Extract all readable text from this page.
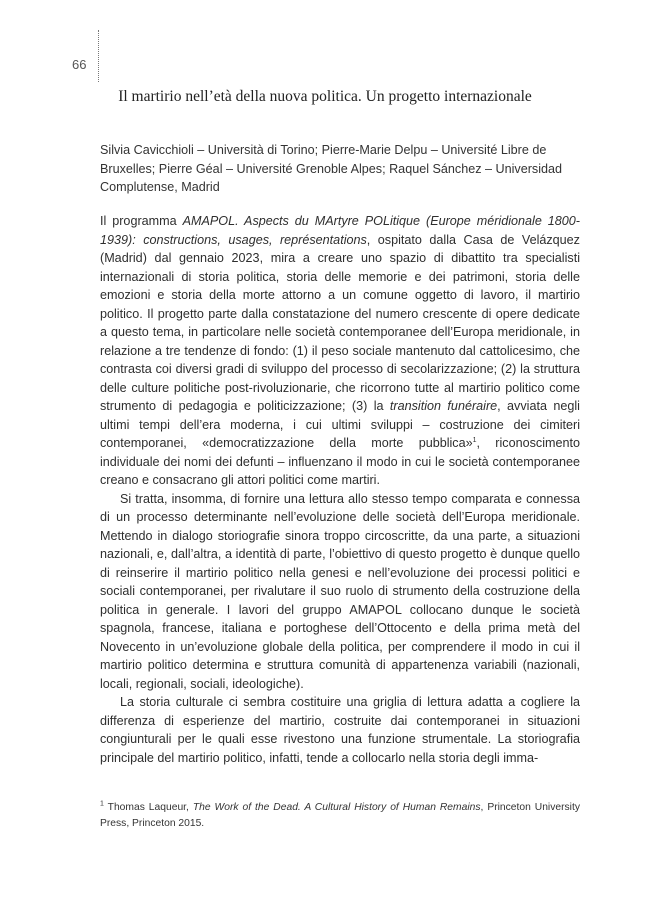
66
Il martirio nell’età della nuova politica. Un progetto internazionale
Silvia Cavicchioli – Università di Torino; Pierre-Marie Delpu – Université Libre de Bruxelles; Pierre Géal – Université Grenoble Alpes; Raquel Sánchez – Universidad Complutense, Madrid

Il programma AMAPOL. Aspects du MArtyre POLitique (Europe méridionale 1800-1939): constructions, usages, représentations, ospitato dalla Casa de Velázquez (Madrid) dal gennaio 2023, mira a creare uno spazio di dibattito tra specialisti internazionali di storia politica, storia delle memorie e dei patrimoni, storia delle emozioni e storia della morte attorno a un comune oggetto di lavoro, il martirio politico. Il progetto parte dalla constatazione del numero crescente di opere dedicate a questo tema, in particolare nelle società contemporanee dell’Europa meridionale, in relazione a tre tendenze di fondo: (1) il peso sociale mantenuto dal cattolicesimo, che contrasta coi diversi gradi di sviluppo del processo di secolarizzazione; (2) la struttura delle culture politiche post-rivoluzionarie, che ricorrono tutte al martirio politico come strumento di pedagogia e politicizzazione; (3) la transition funéraire, avviata negli ultimi tempi dell’era moderna, i cui ultimi sviluppi – costruzione dei cimiteri contemporanei, «democratizzazione della morte pubblica»$^1$, riconoscimento individuale dei nomi dei defunti – influenzano il modo in cui le società contemporanee creano e consacrano gli attori politici come martiri.

Si tratta, insomma, di fornire una lettura allo stesso tempo comparata e connessa di un processo determinante nell’evoluzione delle società dell’Europa meridionale. Mettendo in dialogo storiografie sinora troppo circoscritte, da una parte, a situazioni nazionali, e, dall’altra, a identità di parte, l’obiettivo di questo progetto è dunque quello di reinserire il martirio politico nella genesi e nell’evoluzione dei processi politici e sociali contemporanei, per rivalutare il suo ruolo di strumento della costruzione della politica in generale. I lavori del gruppo AMAPOL collocano dunque le società spagnola, francese, italiana e portoghese dell’Ottocento e della prima metà del Novecento in un’evoluzione globale della politica, per comprendere il modo in cui il martirio politico determina e struttura comunità di appartenenza variabili (nazionali, locali, regionali, sociali, ideologiche).

La storia culturale ci sembra costituire una griglia di lettura adatta a cogliere la differenza di esperienze del martirio, costruite dai contemporanei in situazioni congiunturali per le quali esse rivestono una funzione strumentale. La storiografia principale del martirio politico, infatti, tende a collocarlo nella storia degli imma-

$^1$ Thomas Laqueur, The Work of the Dead. A Cultural History of Human Remains, Princeton University Press, Princeton 2015.
